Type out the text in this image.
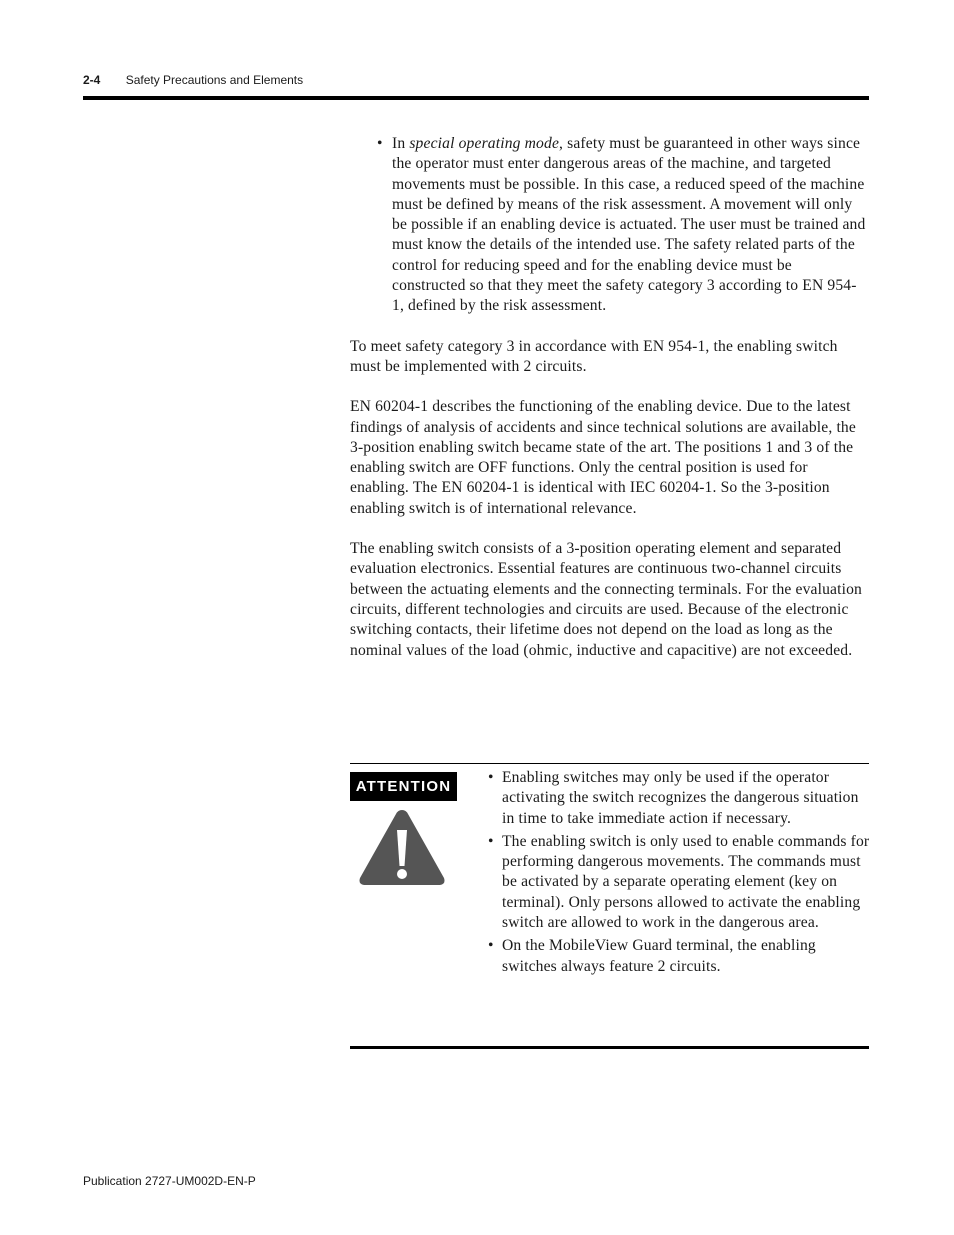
2-4 Safety Precautions and Elements
• In special operating mode, safety must be guaranteed in other ways since the operator must enter dangerous areas of the machine, and targeted movements must be possible. In this case, a reduced speed of the machine must be defined by means of the risk assessment. A movement will only be possible if an enabling device is actuated. The user must be trained and must know the details of the intended use. The safety related parts of the control for reducing speed and for the enabling device must be constructed so that they meet the safety category 3 according to EN 954-1, defined by the risk assessment.

To meet safety category 3 in accordance with EN 954-1, the enabling switch must be implemented with 2 circuits.

EN 60204-1 describes the functioning of the enabling device. Due to the latest findings of analysis of accidents and since technical solutions are available, the 3-position enabling switch became state of the art. The positions 1 and 3 of the enabling switch are OFF functions. Only the central position is used for enabling. The EN 60204-1 is identical with IEC 60204-1. So the 3-position enabling switch is of international relevance.

The enabling switch consists of a 3-position operating element and separated evaluation electronics. Essential features are continuous two-channel circuits between the actuating elements and the connecting terminals. For the evaluation circuits, different technologies and circuits are used. Because of the electronic switching contacts, their lifetime does not depend on the load as long as the nominal values of the load (ohmic, inductive and capacitive) are not exceeded.

ATTENTION
• Enabling switches may only be used if the operator activating the switch recognizes the dangerous situation in time to take immediate action if necessary.
• The enabling switch is only used to enable commands for performing dangerous movements. The commands must be activated by a separate operating element (key on terminal). Only persons allowed to activate the enabling switch are allowed to work in the dangerous area.
• On the MobileView Guard terminal, the enabling switches always feature 2 circuits.
Publication 2727-UM002D-EN-P
